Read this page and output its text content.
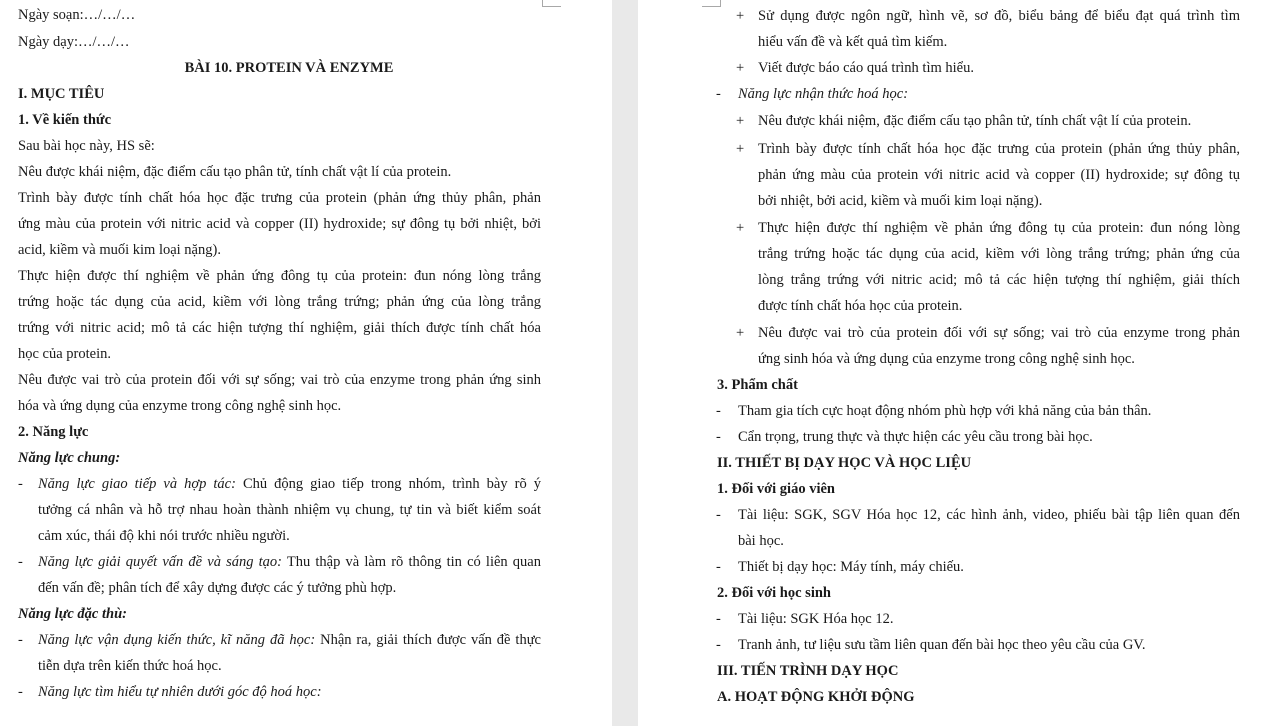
Ngày soạn:…/…/…
Ngày dạy:…/…/…
BÀI 10. PROTEIN VÀ ENZYME
I. MỤC TIÊU
1. Về kiến thức
Sau bài học này, HS sẽ:
Nêu được khái niệm, đặc điểm cấu tạo phân tử, tính chất vật lí của protein.
Trình bày được tính chất hóa học đặc trưng của protein (phản ứng thủy phân, phản
ứng màu của protein với nitric acid và copper (II) hydroxide; sự đông tụ bởi nhiệt, bởi
acid, kiềm và muối kim loại nặng).
Thực hiện được thí nghiệm về phản ứng đông tụ của protein: đun nóng lòng trắng
trứng hoặc tác dụng của acid, kiềm với lòng trắng trứng; phản ứng của lòng trắng
trứng với nitric acid; mô tả các hiện tượng thí nghiệm, giải thích được tính chất hóa
học của protein.
Nêu được vai trò của protein đối với sự sống; vai trò của enzyme trong phản ứng sinh
hóa và ứng dụng của enzyme trong công nghệ sinh học.
2. Năng lực
Năng lực chung:
- Năng lực giao tiếp và hợp tác: Chủ động giao tiếp trong nhóm, trình bày rõ ý
tưởng cá nhân và hỗ trợ nhau hoàn thành nhiệm vụ chung, tự tin và biết kiểm soát
cảm xúc, thái độ khi nói trước nhiều người.
- Năng lực giải quyết vấn đề và sáng tạo: Thu thập và làm rõ thông tin có liên quan
đến vấn đề; phân tích để xây dựng được các ý tưởng phù hợp.
Năng lực đặc thù:
- Năng lực vận dụng kiến thức, kĩ năng đã học: Nhận ra, giải thích được vấn đề thực
tiễn dựa trên kiến thức hoá học.
- Năng lực tìm hiểu tự nhiên dưới góc độ hoá học:
+ Sử dụng được ngôn ngữ, hình vẽ, sơ đồ, biểu bảng để biểu đạt quá trình tìm
hiểu vấn đề và kết quả tìm kiếm.
+ Viết được báo cáo quá trình tìm hiểu.
- Năng lực nhận thức hoá học:
+ Nêu được khái niệm, đặc điểm cấu tạo phân tử, tính chất vật lí của protein.
+ Trình bày được tính chất hóa học đặc trưng của protein (phản ứng thủy phân,
phản ứng màu của protein với nitric acid và copper (II) hydroxide; sự đông tụ
bởi nhiệt, bởi acid, kiềm và muối kim loại nặng).
+ Thực hiện được thí nghiệm về phản ứng đông tụ của protein: đun nóng lòng
trắng trứng hoặc tác dụng của acid, kiềm với lòng trắng trứng; phản ứng của
lòng trắng trứng với nitric acid; mô tả các hiện tượng thí nghiệm, giải thích
được tính chất hóa học của protein.
+ Nêu được vai trò của protein đối với sự sống; vai trò của enzyme trong phản
ứng sinh hóa và ứng dụng của enzyme trong công nghệ sinh học.
3. Phẩm chất
- Tham gia tích cực hoạt động nhóm phù hợp với khả năng của bản thân.
- Cẩn trọng, trung thực và thực hiện các yêu cầu trong bài học.
II. THIẾT BỊ DẠY HỌC VÀ HỌC LIỆU
1. Đối với giáo viên
- Tài liệu: SGK, SGV Hóa học 12, các hình ảnh, video, phiếu bài tập liên quan đến
bài học.
- Thiết bị dạy học: Máy tính, máy chiếu.
2. Đối với học sinh
- Tài liệu: SGK Hóa học 12.
- Tranh ảnh, tư liệu sưu tầm liên quan đến bài học theo yêu cầu của GV.
III. TIẾN TRÌNH DẠY HỌC
A. HOẠT ĐỘNG KHỞI ĐỘNG
